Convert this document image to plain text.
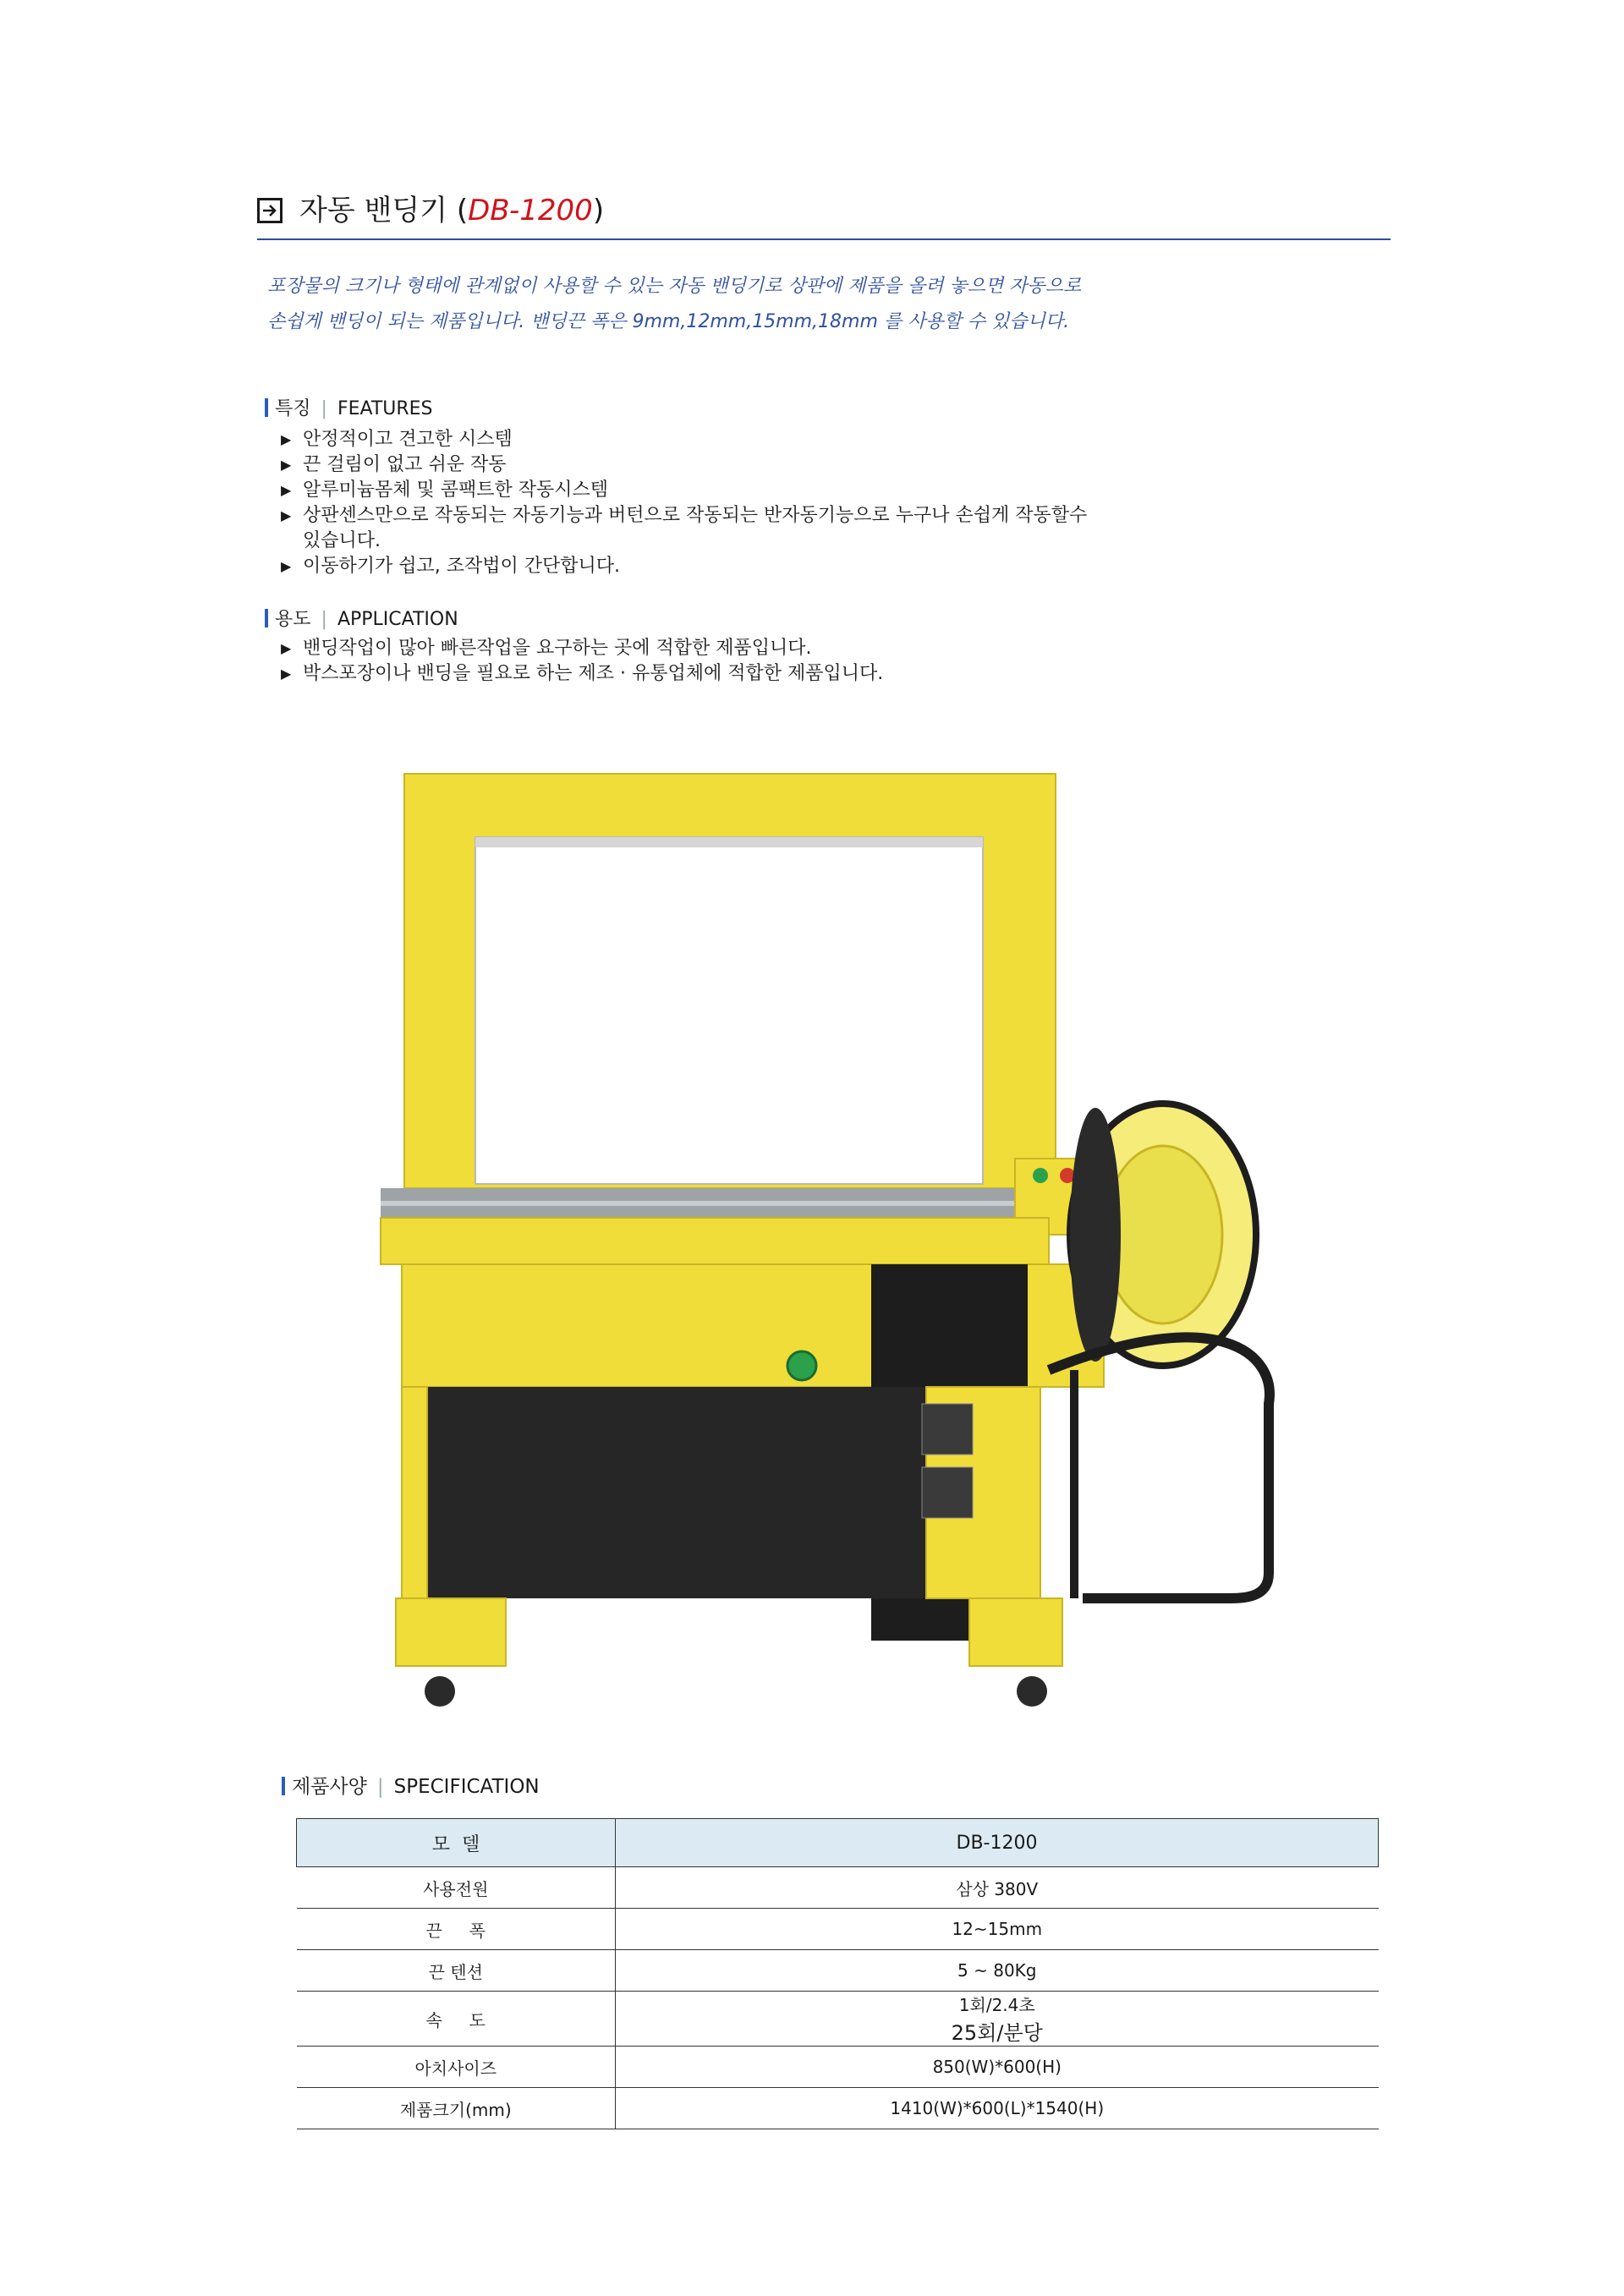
자동 밴딩기 (DB-1200)
포장물의 크기나 형태에 관계없이 사용할 수 있는 자동 밴딩기로 상판에 제품을 올려 놓으면 자동으로
손쉽게 밴딩이 되는 제품입니다. 밴딩끈 폭은 9mm,12mm,15mm,18mm 를 사용할 수 있습니다.
특징 | FEATURES
▶ 안정적이고 견고한 시스템
▶ 끈 걸림이 없고 쉬운 작동
▶ 알루미늄몸체 및 콤팩트한 작동시스템
▶ 상판센스만으로 작동되는 자동기능과 버턴으로 작동되는 반자동기능으로 누구나 손쉽게 작동할수
있습니다.
▶ 이동하기가 쉽고, 조작법이 간단합니다.
용도 | APPLICATION
▶ 밴딩작업이 많아 빠른작업을 요구하는 곳에 적합한 제품입니다.
▶ 박스포장이나 밴딩을 필요로 하는 제조 · 유통업체에 적합한 제품입니다.
제품사양 | SPECIFICATION
모  델	DB-1200
사용전원	삼상 380V
끈     폭	12~15mm
끈 텐션	5 ~ 80Kg
속     도	1회/2.4초
25회/분당

아치사이즈	850(W)*600(H)
제품크기(mm)	1410(W)*600(L)*1540(H)
